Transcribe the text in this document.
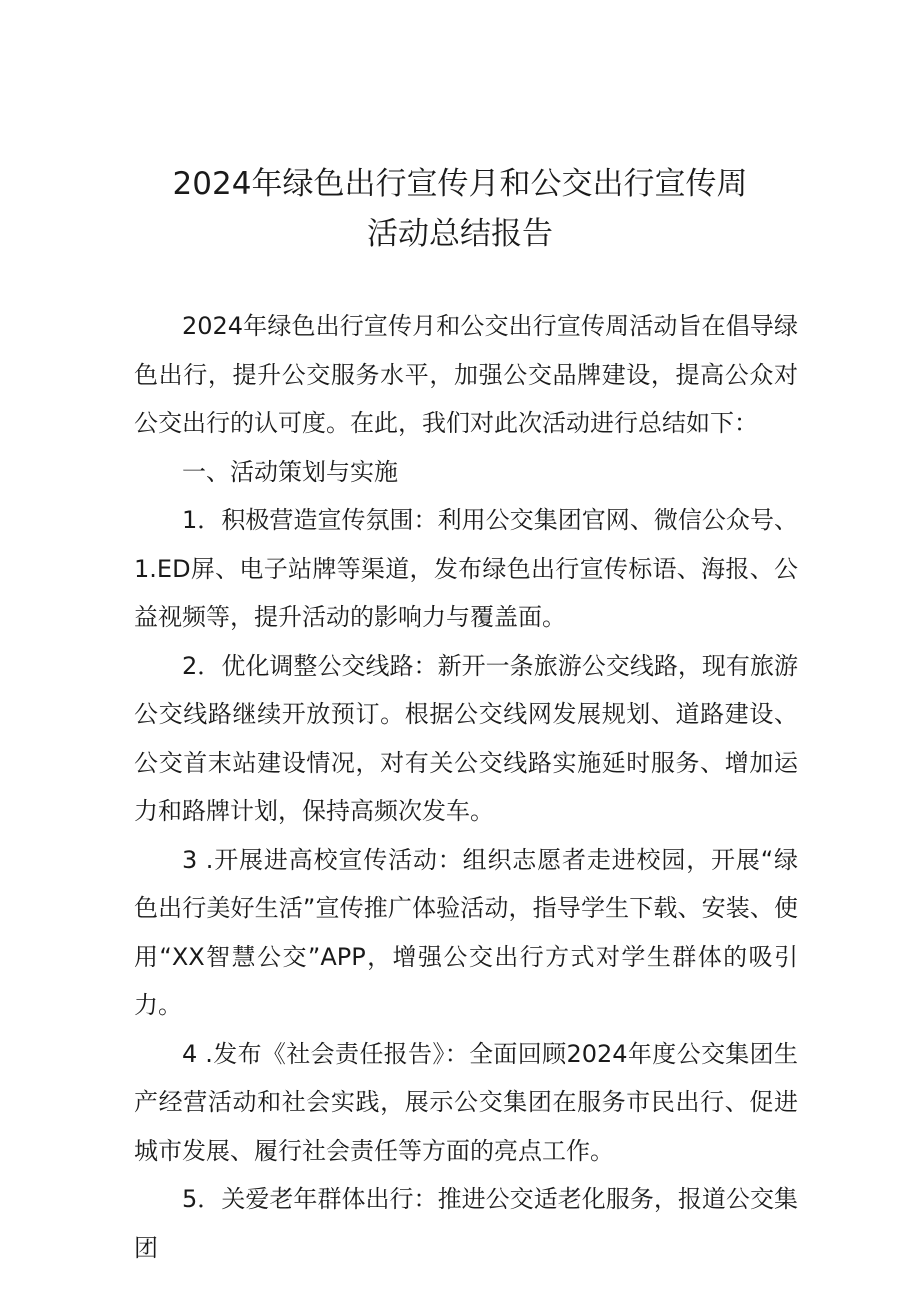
2024年绿色出行宣传月和公交出行宣传周
活动总结报告

2024年绿色出行宣传月和公交出行宣传周活动旨在倡导绿色出行，提升公交服务水平，加强公交品牌建设，提高公众对公交出行的认可度。在此，我们对此次活动进行总结如下：

一、活动策划与实施

1．积极营造宣传氛围：利用公交集团官网、微信公众号、1.ED屏、电子站牌等渠道，发布绿色出行宣传标语、海报、公益视频等，提升活动的影响力与覆盖面。

2．优化调整公交线路：新开一条旅游公交线路，现有旅游公交线路继续开放预订。根据公交线网发展规划、道路建设、公交首末站建设情况，对有关公交线路实施延时服务、增加运力和路牌计划，保持高频次发车。

3 .开展进高校宣传活动：组织志愿者走进校园，开展“绿色出行美好生活”宣传推广体验活动，指导学生下载、安装、使用“XX智慧公交”APP，增强公交出行方式对学生群体的吸引力。

4 .发布《社会责任报告》：全面回顾2024年度公交集团生产经营活动和社会实践，展示公交集团在服务市民出行、促进城市发展、履行社会责任等方面的亮点工作。

5．关爱老年群体出行：推进公交适老化服务，报道公交集团
